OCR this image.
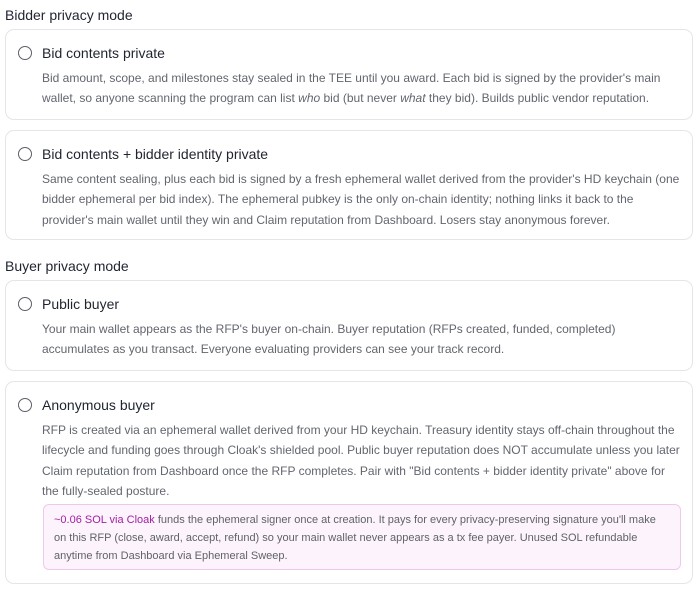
Bidder privacy mode
Bid contents private
Bid amount, scope, and milestones stay sealed in the TEE until you award. Each bid is signed by the provider's main wallet, so anyone scanning the program can list who bid (but never what they bid). Builds public vendor reputation.
Bid contents + bidder identity private
Same content sealing, plus each bid is signed by a fresh ephemeral wallet derived from the provider's HD keychain (one bidder ephemeral per bid index). The ephemeral pubkey is the only on-chain identity; nothing links it back to the provider's main wallet until they win and Claim reputation from Dashboard. Losers stay anonymous forever.
Buyer privacy mode
Public buyer
Your main wallet appears as the RFP's buyer on-chain. Buyer reputation (RFPs created, funded, completed) accumulates as you transact. Everyone evaluating providers can see your track record.
Anonymous buyer
RFP is created via an ephemeral wallet derived from your HD keychain. Treasury identity stays off-chain throughout the lifecycle and funding goes through Cloak's shielded pool. Public buyer reputation does NOT accumulate unless you later Claim reputation from Dashboard once the RFP completes. Pair with "Bid contents + bidder identity private" above for the fully-sealed posture.
~0.06 SOL via Cloak funds the ephemeral signer once at creation. It pays for every privacy-preserving signature you'll make on this RFP (close, award, accept, refund) so your main wallet never appears as a tx fee payer. Unused SOL refundable anytime from Dashboard via Ephemeral Sweep.
